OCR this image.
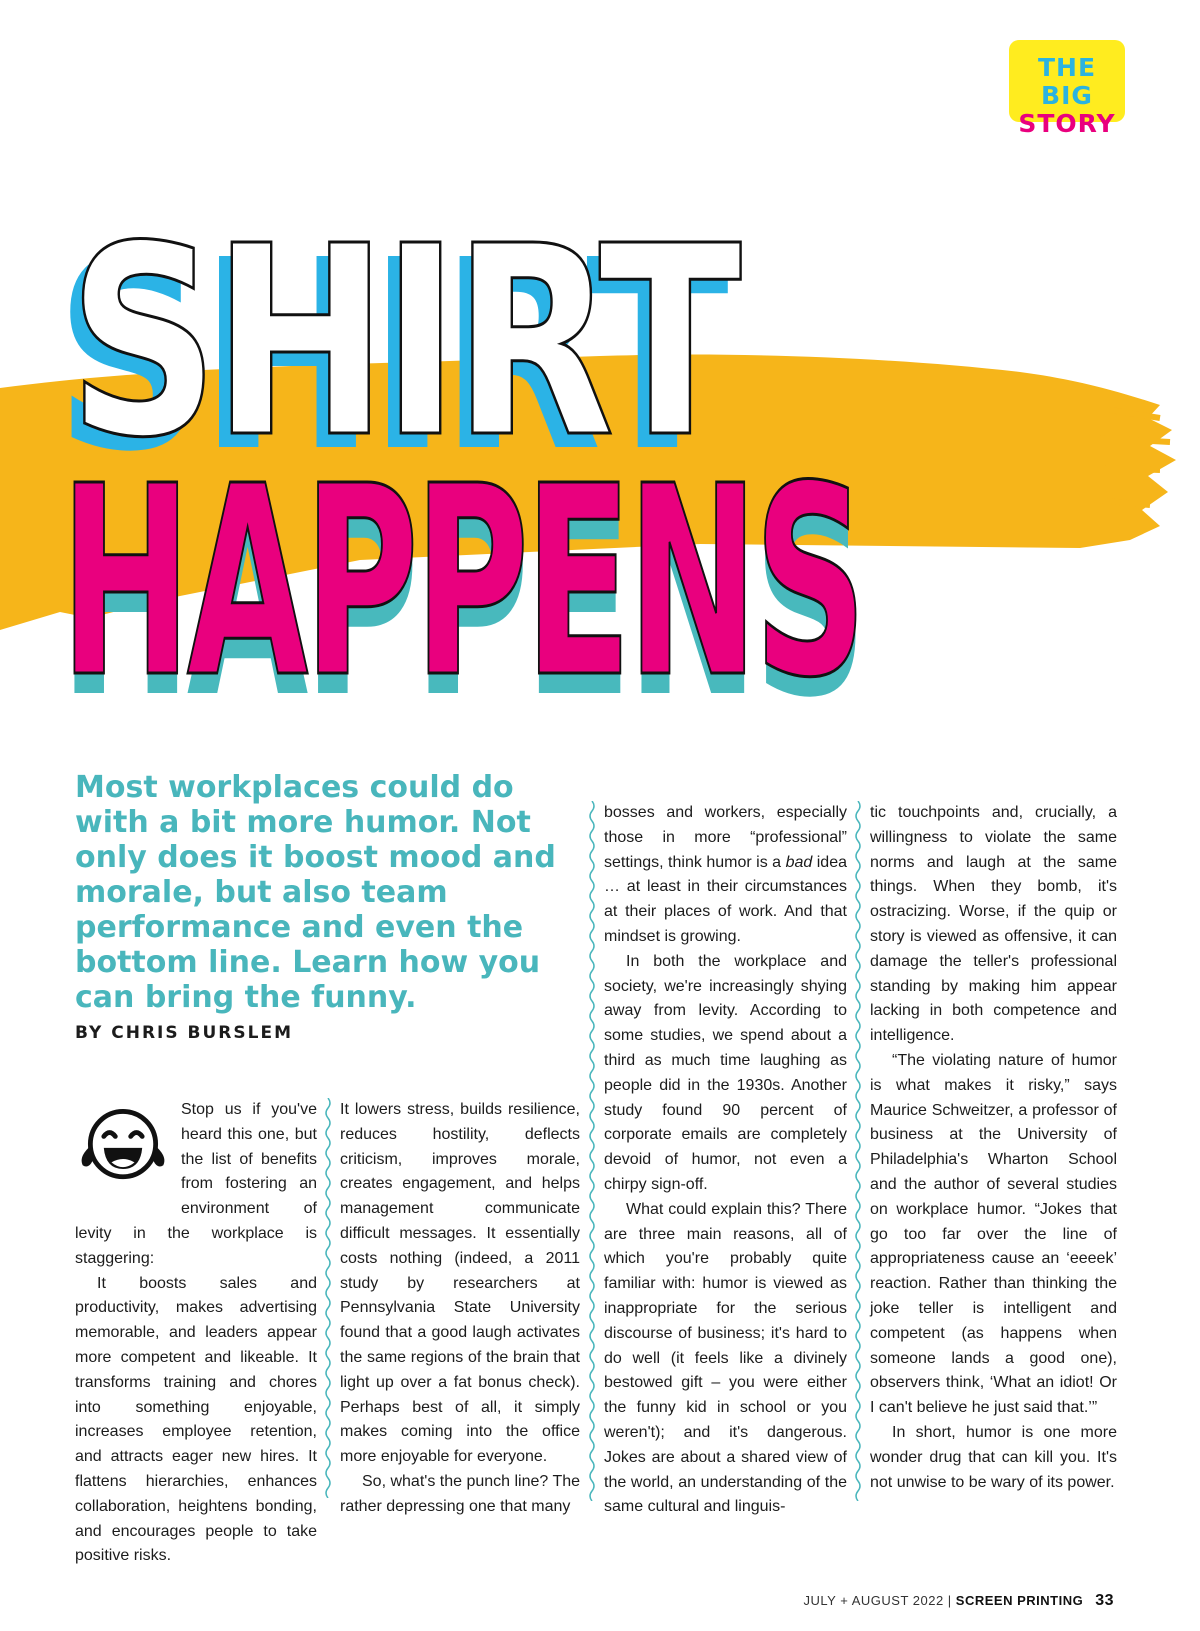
THE BIG
STORY
SHIRT
HAPPENS

Most workplaces could do with a bit more humor. Not only does it boost mood and morale, but also team performance and even the bottom line. Learn how you can bring the funny.

BY CHRIS BURSLEM

Stop us if you've heard this one, but the list of benefits from fostering an environment of levity in the workplace is staggering:

It boosts sales and productivity, makes advertising memorable, and leaders appear more competent and likeable. It transforms training and chores into something enjoyable, increases employee retention, and attracts eager new hires. It flattens hierarchies, enhances collaboration, heightens bonding, and encourages people to take positive risks.

It lowers stress, builds resilience, reduces hostility, deflects criticism, improves morale, creates engagement, and helps management communicate difficult messages. It essentially costs nothing (indeed, a 2011 study by researchers at Pennsylvania State University found that a good laugh activates the same regions of the brain that light up over a fat bonus check). Perhaps best of all, it simply makes coming into the office more enjoyable for everyone.

So, what's the punch line? The rather depressing one that many

bosses and workers, especially those in more “professional” settings, think humor is a bad idea … at least in their circumstances at their places of work. And that mindset is growing.

In both the workplace and society, we're increasingly shying away from levity. According to some studies, we spend about a third as much time laughing as people did in the 1930s. Another study found 90 percent of corporate emails are completely devoid of humor, not even a chirpy sign-off.

What could explain this? There are three main reasons, all of which you're probably quite familiar with: humor is viewed as inappropriate for the serious discourse of business; it's hard to do well (it feels like a divinely bestowed gift – you were either the funny kid in school or you weren't); and it's dangerous. Jokes are about a shared view of the world, an understanding of the same cultural and linguis-

tic touchpoints and, crucially, a willingness to violate the same norms and laugh at the same things. When they bomb, it's ostracizing. Worse, if the quip or story is viewed as offensive, it can damage the teller's professional standing by making him appear lacking in both competence and intelligence.

“The violating nature of humor is what makes it risky,” says Maurice Schweitzer, a professor of business at the University of Philadelphia's Wharton School and the author of several studies on workplace humor. “Jokes that go too far over the line of appropriateness cause an ‘eeeek’ reaction. Rather than thinking the joke teller is intelligent and competent (as happens when someone lands a good one), observers think, ‘What an idiot! Or I can't believe he just said that.’”

In short, humor is one more wonder drug that can kill you. It's not unwise to be wary of its power.

JULY + AUGUST 2022 | SCREEN PRINTING 33
